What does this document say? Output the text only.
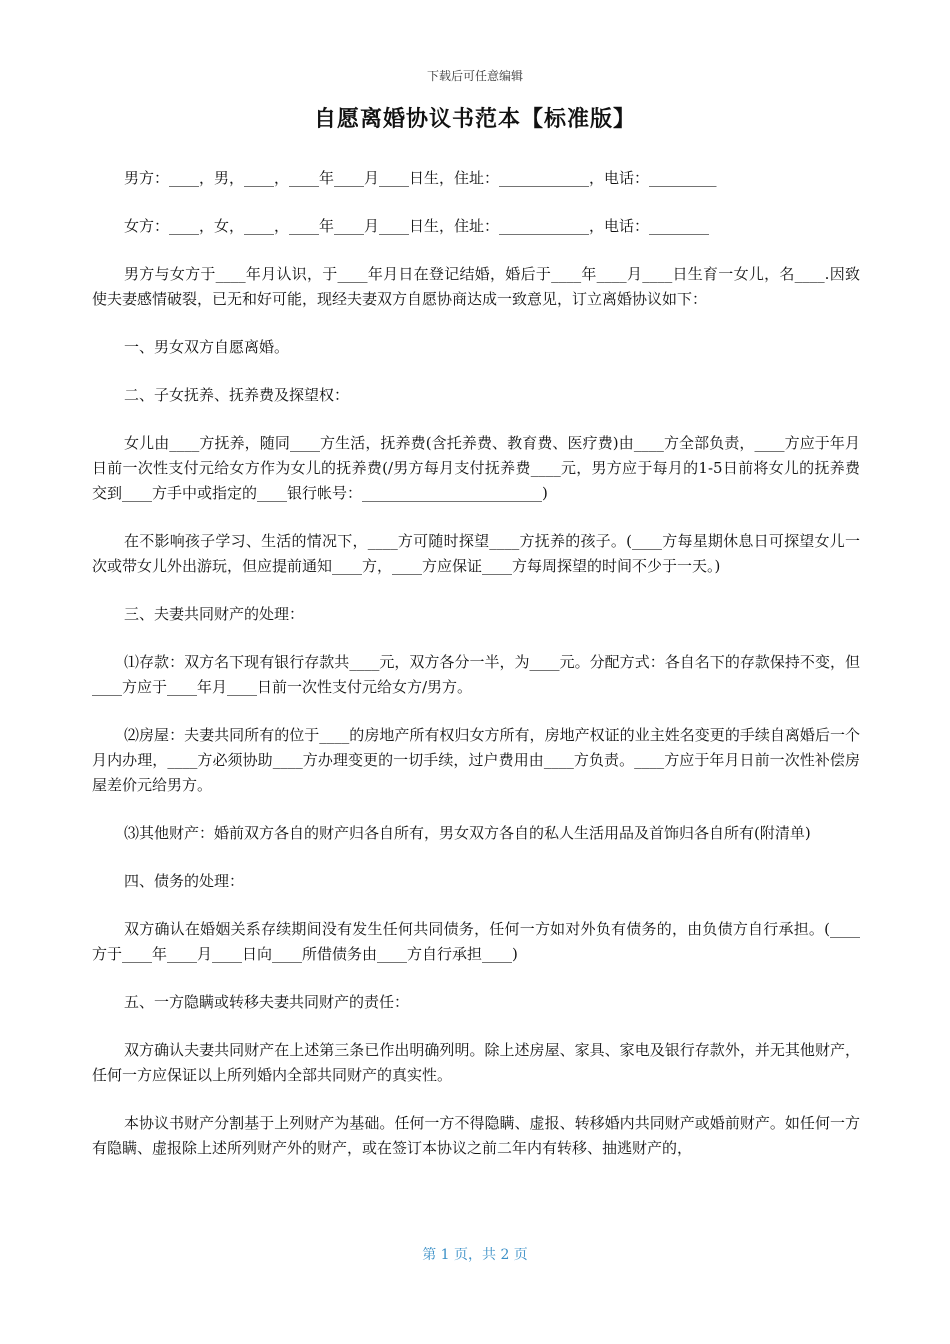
下载后可任意编辑
自愿离婚协议书范本【标准版】

男方：____，男，____，____年____月____日生，住址：____________，电话：_________

女方：____，女，____，____年____月____日生，住址：____________，电话：________

男方与女方于____年月认识，于____年月日在登记结婚，婚后于____年____月____日生育一女儿，名____.因致使夫妻感情破裂，已无和好可能，现经夫妻双方自愿协商达成一致意见，订立离婚协议如下：

一、男女双方自愿离婚。

二、子女抚养、抚养费及探望权：

女儿由____方抚养，随同____方生活，抚养费(含托养费、教育费、医疗费)由____方全部负责，____方应于年月日前一次性支付元给女方作为女儿的抚养费(/男方每月支付抚养费____元，男方应于每月的1-5日前将女儿的抚养费交到____方手中或指定的____银行帐号：________________________)

在不影响孩子学习、生活的情况下，____方可随时探望____方抚养的孩子。(____方每星期休息日可探望女儿一次或带女儿外出游玩，但应提前通知____方，____方应保证____方每周探望的时间不少于一天。)

三、夫妻共同财产的处理：

⑴存款：双方名下现有银行存款共____元，双方各分一半，为____元。分配方式：各自名下的存款保持不变，但____方应于____年月____日前一次性支付元给女方/男方。

⑵房屋：夫妻共同所有的位于____的房地产所有权归女方所有，房地产权证的业主姓名变更的手续自离婚后一个月内办理，____方必须协助____方办理变更的一切手续，过户费用由____方负责。____方应于年月日前一次性补偿房屋差价元给男方。

⑶其他财产：婚前双方各自的财产归各自所有，男女双方各自的私人生活用品及首饰归各自所有(附清单)

四、债务的处理：

双方确认在婚姻关系存续期间没有发生任何共同债务，任何一方如对外负有债务的，由负债方自行承担。(____方于____年____月____日向____所借债务由____方自行承担____)

五、一方隐瞒或转移夫妻共同财产的责任：

双方确认夫妻共同财产在上述第三条已作出明确列明。除上述房屋、家具、家电及银行存款外，并无其他财产，任何一方应保证以上所列婚内全部共同财产的真实性。

本协议书财产分割基于上列财产为基础。任何一方不得隐瞒、虚报、转移婚内共同财产或婚前财产。如任何一方有隐瞒、虚报除上述所列财产外的财产，或在签订本协议之前二年内有转移、抽逃财产的，

第 1 页，共 2 页
